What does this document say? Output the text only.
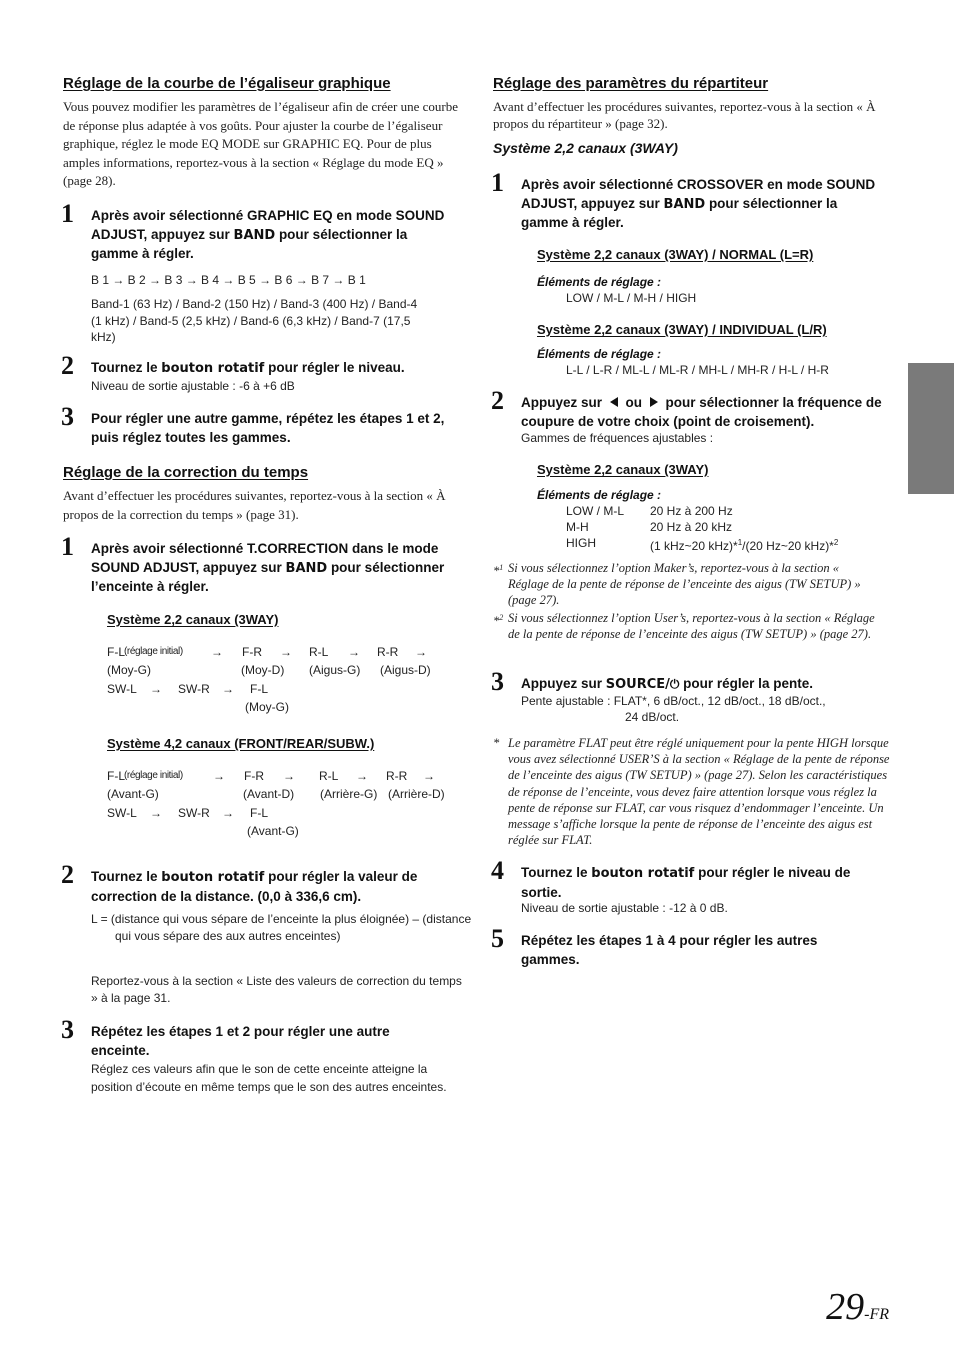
Réglage de la courbe de l’égaliseur graphique
Vous pouvez modifier les paramètres de l’égaliseur afin de créer une courbe de réponse plus adaptée à vos goûts. Pour ajuster la courbe de l’égaliseur graphique, réglez le mode EQ MODE sur GRAPHIC EQ. Pour de plus amples informations, reportez-vous à la section « Réglage du mode EQ » (page 28).
1 Après avoir sélectionné GRAPHIC EQ en mode SOUND ADJUST, appuyez sur BAND pour sélectionner la gamme à régler.
B 1 → B 2 → B 3 → B 4 → B 5 → B 6 → B 7 → B 1
Band-1 (63 Hz) / Band-2 (150 Hz) / Band-3 (400 Hz) / Band-4 (1 kHz) / Band-5 (2,5 kHz) / Band-6 (6,3 kHz) / Band-7 (17,5 kHz)
2 Tournez le bouton rotatif pour régler le niveau.
Niveau de sortie ajustable : -6 à +6 dB
3 Pour régler une autre gamme, répétez les étapes 1 et 2, puis réglez toutes les gammes.
Réglage de la correction du temps
Avant d’effectuer les procédures suivantes, reportez-vous à la section « À propos de la correction du temps » (page 31).
1 Après avoir sélectionné T.CORRECTION dans le mode SOUND ADJUST, appuyez sur BAND pour sélectionner l’enceinte à régler.
Système 2,2 canaux (3WAY)
F-L (réglage initial) → F-R → R-L → R-R →
(Moy-G)	(Moy-D) (Aigus-G) (Aigus-D)
SW-L → SW-R → F-L
(Moy-G)
Système 4,2 canaux (FRONT/REAR/SUBW.)
F-L (réglage initial)	→ F-R → R-L → R-R →
(Avant-G)	(Avant-D) (Arrière-G) (Arrière-D)
SW-L → SW-R → F-L
(Avant-G)
2 Tournez le bouton rotatif pour régler la valeur de correction de la distance. (0,0 à 336,6 cm).
L = (distance qui vous sépare de l’enceinte la plus éloignée) – (distance qui vous sépare des aux autres enceintes)
Reportez-vous à la section « Liste des valeurs de correction du temps » à la page 31.
3 Répétez les étapes 1 et 2 pour régler une autre enceinte.
Réglez ces valeurs afin que le son de cette enceinte atteigne la position d’écoute en même temps que le son des autres enceintes.
Réglage des paramètres du répartiteur
Avant d’effectuer les procédures suivantes, reportez-vous à la section « À propos du répartiteur » (page 32).
Système 2,2 canaux (3WAY)
1 Après avoir sélectionné CROSSOVER en mode SOUND ADJUST, appuyez sur BAND pour sélectionner la gamme à régler.
Système 2,2 canaux (3WAY) / NORMAL (L=R)
Éléments de réglage :
LOW / M-L / M-H / HIGH
Système 2,2 canaux (3WAY) / INDIVIDUAL (L/R)
Éléments de réglage :
L-L / L-R / ML-L / ML-R / MH-L / MH-R / H-L / H-R
2 Appuyez sur  ou  pour sélectionner la fréquence de coupure de votre choix (point de croisement).
Gammes de fréquences ajustables :
Système 2,2 canaux (3WAY)
Éléments de réglage :
LOW / M-L 20 Hz à 200 Hz
M-H	20 Hz à 20 kHz
HIGH	(1 kHz~20 kHz)*$^1$/(20 Hz~20 kHz)*$^2$
*$^1$ Si vous sélectionnez l’option Maker’s, reportez-vous à la section « Réglage de la pente de réponse de l’enceinte des aigus (TW SETUP) » (page 27).
*$^2$ Si vous sélectionnez l’option User’s, reportez-vous à la section « Réglage de la pente de réponse de l’enceinte des aigus (TW SETUP) » (page 27).
3 Appuyez sur SOURCE/⏻ pour régler la pente.
Pente ajustable : FLAT*, 6 dB/oct., 12 dB/oct., 18 dB/oct.,
24 dB/oct.
* Le paramètre FLAT peut être réglé uniquement pour la pente HIGH lorsque vous avez sélectionné USER’S à la section « Réglage de la pente de réponse de l’enceinte des aigus (TW SETUP) » (page 27). Selon les caractéristiques de réponse de l’enceinte, vous devez faire attention lorsque vous réglez la pente de réponse sur FLAT, car vous risquez d’endommager l’enceinte. Un message s’affiche lorsque la pente de réponse de l’enceinte des aigus est réglée sur FLAT.
4 Tournez le bouton rotatif pour régler le niveau de sortie.
Niveau de sortie ajustable : -12 à 0 dB.
5 Répétez les étapes 1 à 4 pour régler les autres gammes.
29-FR
